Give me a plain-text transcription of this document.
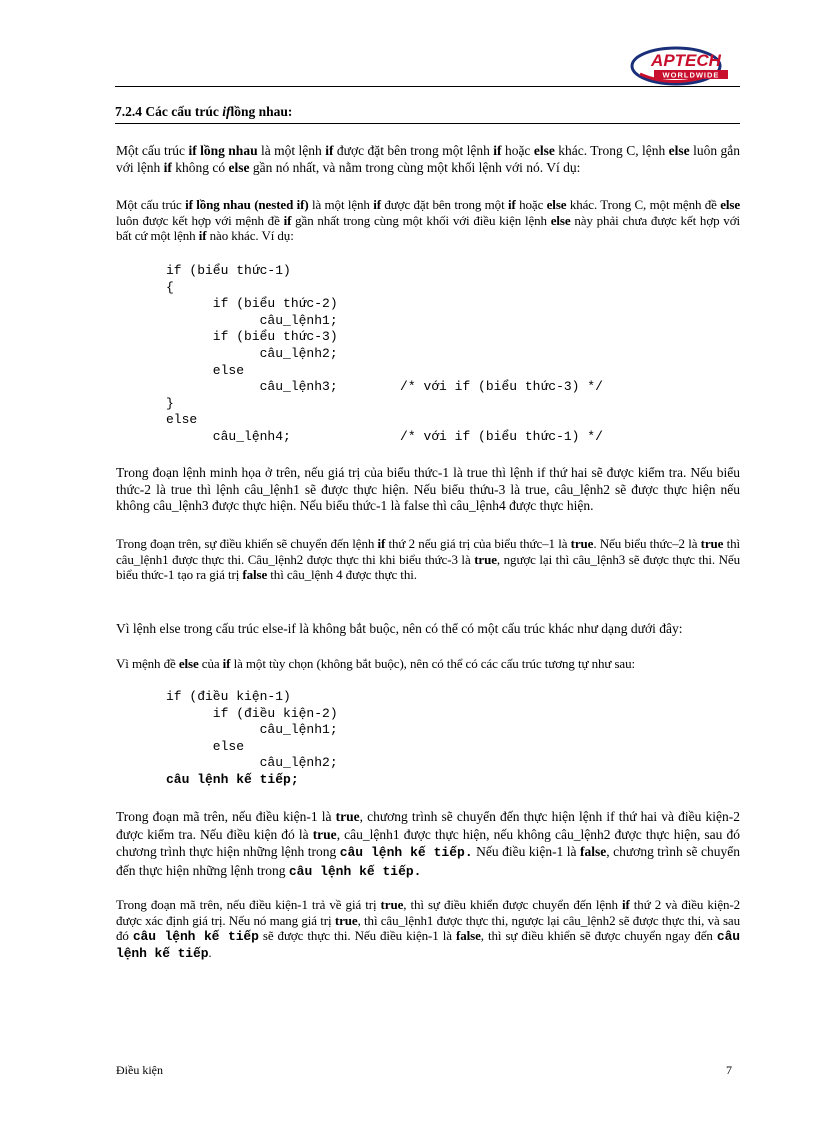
APTECH
WORLDWIDE
7.2.4 Các cấu trúc iflồng nhau:
Một cấu trúc if lồng nhau là một lệnh if được đặt bên trong một lệnh if hoặc else khác. Trong C, lệnh else luôn gắn với lệnh if không có else gần nó nhất, và nằm trong cùng một khối lệnh với nó. Ví dụ:
Một cấu trúc if lồng nhau (nested if) là một lệnh if được đặt bên trong một if hoặc else khác. Trong C, một mệnh đề else luôn được kết hợp với mệnh đề if gần nhất trong cùng một khối với điều kiện lệnh else này phải chưa được kết hợp với bất cứ một lệnh if nào khác. Ví dụ:
if (biểu thức-1)
{
if (biểu thức-2)
câu_lệnh1;
if (biểu thức-3)
câu_lệnh2;
else
câu_lệnh3;        /* với if (biểu thức-3) */
}
else
câu_lệnh4;              /* với if (biểu thức-1) */
Trong đoạn lệnh minh họa ở trên, nếu giá trị của biểu thức-1 là true thì lệnh if thứ hai sẽ được kiểm tra. Nếu biểu thức-2 là true thì lệnh câu_lệnh1 sẽ được thực hiện. Nếu biểu thứu-3 là true, câu_lệnh2 sẽ được thực hiện nếu không câu_lệnh3 được thực hiện. Nếu biểu thức-1 là false thì câu_lệnh4 được thực hiện.
Trong đoạn trên, sự điều khiển sẽ chuyển đến lệnh if thứ 2 nếu giá trị của biểu thức–1 là true. Nếu biểu thức–2 là true thì câu_lệnh1 được thực thi. Câu_lệnh2 được thực thi khi biểu thức-3 là true, ngược lại thì câu_lệnh3 sẽ được thực thi. Nếu biểu thức-1 tạo ra giá trị false thì câu_lệnh 4 được thực thi.
Vì lệnh else trong cấu trúc else-if là không bắt buộc, nên có thể có một cấu trúc khác như dạng dưới đây:
Vì mệnh đề else của if là một tùy chọn (không bắt buộc), nên có thể có các cấu trúc tương tự như sau:
if (điều kiện-1)
if (điều kiện-2)
câu_lệnh1;
else
câu_lệnh2;
câu lệnh kế tiếp;
Trong đoạn mã trên, nếu điều kiện-1 là true, chương trình sẽ chuyển đến thực hiện lệnh if thứ hai và điều kiện-2 được kiểm tra. Nếu điều kiện đó là true, câu_lệnh1 được thực hiện, nếu không câu_lệnh2 được thực hiện, sau đó chương trình thực hiện những lệnh trong câu lệnh kế tiếp. Nếu điều kiện-1 là false, chương trình sẽ chuyển đến thực hiện những lệnh trong câu lệnh kế tiếp.
Trong đoạn mã trên, nếu điều kiện-1 trả về giá trị true, thì sự điều khiển được chuyển đến lệnh if thứ 2 và điều kiện-2 được xác định giá trị. Nếu nó mang giá trị true, thì câu_lệnh1 được thực thi, ngược lại câu_lệnh2 sẽ được thực thi, và sau đó câu lệnh kế tiếp sẽ được thực thi. Nếu điều kiện-1 là false, thì sự điều khiển sẽ được chuyển ngay đến câu lệnh kế tiếp.
Điều kiện	7
